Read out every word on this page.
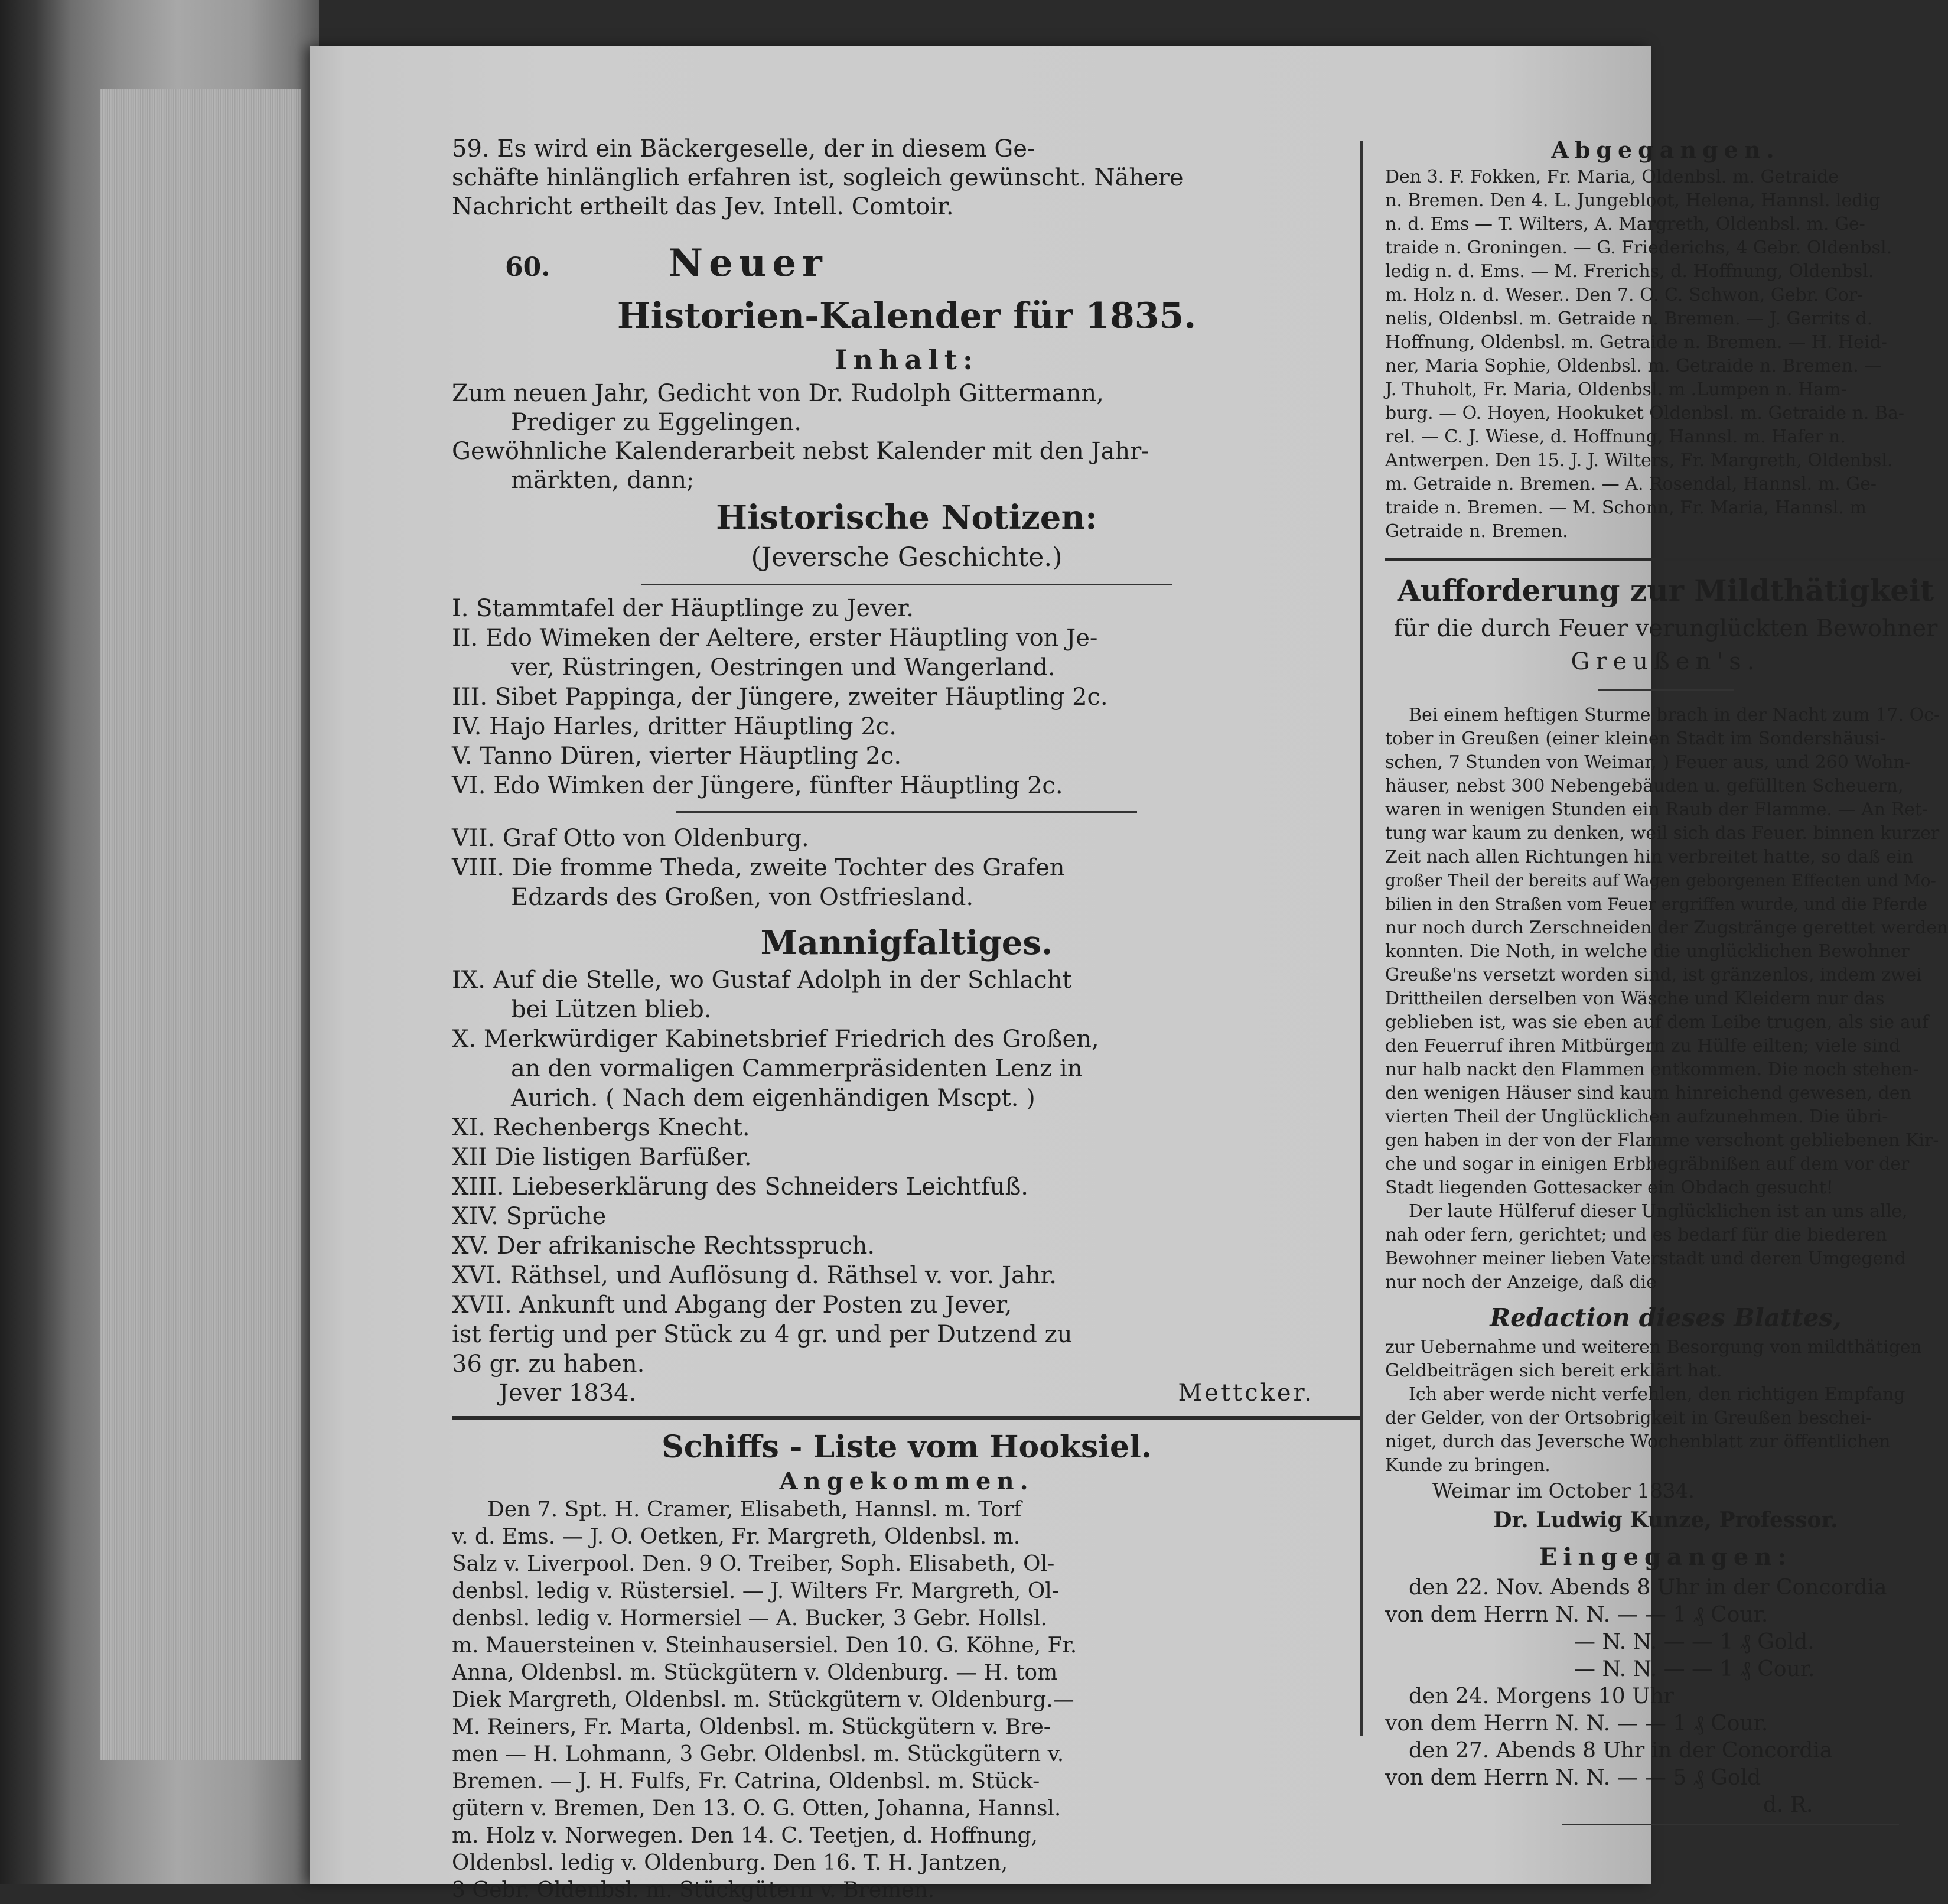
59. Es wird ein Bäckergeselle, der in diesem Ge-
schäfte hinlänglich erfahren ist, sogleich gewünscht. Nähere
Nachricht ertheilt das Jev. Intell. Comtoir.
60.	Neuer
Historien-Kalender für 1835.
Inhalt:
Zum neuen Jahr, Gedicht von Dr. Rudolph Gittermann,
Prediger zu Eggelingen.
Gewöhnliche Kalenderarbeit nebst Kalender mit den Jahr-
märkten, dann;
Historische Notizen:
(Jeversche Geschichte.)
I. Stammtafel der Häuptlinge zu Jever.
II. Edo Wimeken der Aeltere, erster Häuptling von Je-
ver, Rüstringen, Oestringen und Wangerland.
III. Sibet Pappinga, der Jüngere, zweiter Häuptling 2c.
IV. Hajo Harles, dritter Häuptling 2c.
V. Tanno Düren, vierter Häuptling 2c.
VI. Edo Wimken der Jüngere, fünfter Häuptling 2c.
VII. Graf Otto von Oldenburg.
VIII. Die fromme Theda, zweite Tochter des Grafen
Edzards des Großen, von Ostfriesland.
Mannigfaltiges.
IX. Auf die Stelle, wo Gustaf Adolph in der Schlacht
bei Lützen blieb.
X. Merkwürdiger Kabinetsbrief Friedrich des Großen,
an den vormaligen Cammerpräsidenten Lenz in
Aurich. ( Nach dem eigenhändigen Mscpt. )
XI. Rechenbergs Knecht.
XII Die listigen Barfüßer.
XIII. Liebeserklärung des Schneiders Leichtfuß.
XIV. Sprüche
XV. Der afrikanische Rechtsspruch.
XVI. Räthsel, und Auflösung d. Räthsel v. vor. Jahr.
XVII. Ankunft und Abgang der Posten zu Jever,
ist fertig und per Stück zu 4 gr. und per Dutzend zu
36 gr. zu haben.
Jever 1834.	Mettcker.
Schiffs - Liste vom Hooksiel.
Angekommen.
Den 7. Spt. H. Cramer, Elisabeth, Hannsl. m. Torf
v. d. Ems. — J. O. Oetken, Fr. Margreth, Oldenbsl. m.
Salz v. Liverpool. Den. 9 O. Treiber, Soph. Elisabeth, Ol-
denbsl. ledig v. Rüstersiel. — J. Wilters Fr. Margreth, Ol-
denbsl. ledig v. Hormersiel — A. Bucker, 3 Gebr. Hollsl.
m. Mauersteinen v. Steinhausersiel. Den 10. G. Köhne, Fr.
Anna, Oldenbsl. m. Stückgütern v. Oldenburg. — H. tom
Diek Margreth, Oldenbsl. m. Stückgütern v. Oldenburg.—
M. Reiners, Fr. Marta, Oldenbsl. m. Stückgütern v. Bre-
men — H. Lohmann, 3 Gebr. Oldenbsl. m. Stückgütern v.
Bremen. — J. H. Fulfs, Fr. Catrina, Oldenbsl. m. Stück-
gütern v. Bremen, Den 13. O. G. Otten, Johanna, Hannsl.
m. Holz v. Norwegen. Den 14. C. Teetjen, d. Hoffnung,
Oldenbsl. ledig v. Oldenburg. Den 16. T. H. Jantzen,
3 Gebr. Oldenbsl. m. Stückgütern v. Bremen.
Abgegangen.
Den 3. F. Fokken, Fr. Maria, Oldenbsl. m. Getraide
n. Bremen. Den 4. L. Jungebloot, Helena, Hannsl. ledig
n. d. Ems — T. Wilters, A. Margreth, Oldenbsl. m. Ge-
traide n. Groningen. — G. Friederichs, 4 Gebr. Oldenbsl.
ledig n. d. Ems. — M. Frerichs, d. Hoffnung, Oldenbsl.
m. Holz n. d. Weser.. Den 7. O. C. Schwon, Gebr. Cor-
nelis, Oldenbsl. m. Getraide n. Bremen. — J. Gerrits d.
Hoffnung, Oldenbsl. m. Getraide n. Bremen. — H. Heid-
ner, Maria Sophie, Oldenbsl. m. Getraide n. Bremen. —
J. Thuholt, Fr. Maria, Oldenbsl. m .Lumpen n. Ham-
burg. — O. Hoyen, Hookuket Oldenbsl. m. Getraide n. Ba-
rel. — C. J. Wiese, d. Hoffnung, Hannsl. m. Hafer n.
Antwerpen. Den 15. J. J. Wilters, Fr. Margreth, Oldenbsl.
m. Getraide n. Bremen. — A. Rosendal, Hannsl. m. Ge-
traide n. Bremen. — M. Schonn, Fr. Maria, Hannsl. m
Getraide n. Bremen.
Aufforderung zur Mildthätigkeit
für die durch Feuer verunglückten Bewohner
Greußen's.
Bei einem heftigen Sturme brach in der Nacht zum 17. Oc-
tober in Greußen (einer kleinen Stadt im Sondershäusi-
schen, 7 Stunden von Weimar, ) Feuer aus, und 260 Wohn-
häuser, nebst 300 Nebengebäuden u. gefüllten Scheuern,
waren in wenigen Stunden ein Raub der Flamme. — An Ret-
tung war kaum zu denken, weil sich das Feuer. binnen kurzer
Zeit nach allen Richtungen hin verbreitet hatte, so daß ein
großer Theil der bereits auf Wagen geborgenen Effecten und Mo-
bilien in den Straßen vom Feuer ergriffen wurde, und die Pferde
nur noch durch Zerschneiden der Zugstränge gerettet werden
konnten. Die Noth, in welche die unglücklichen Bewohner
Greuße'ns versetzt worden sind, ist gränzenlos, indem zwei
Drittheilen derselben von Wäsche und Kleidern nur das
geblieben ist, was sie eben auf dem Leibe trugen, als sie auf
den Feuerruf ihren Mitbürgern zu Hülfe eilten; viele sind
nur halb nackt den Flammen entkommen. Die noch stehen-
den wenigen Häuser sind kaum hinreichend gewesen, den
vierten Theil der Unglücklichen aufzunehmen. Die übri-
gen haben in der von der Flamme verschont gebliebenen Kir-
che und sogar in einigen Erbbegräbnißen auf dem vor der
Stadt liegenden Gottesacker ein Obdach gesucht!
Der laute Hülferuf dieser Unglücklichen ist an uns alle,
nah oder fern, gerichtet; und es bedarf für die biederen
Bewohner meiner lieben Vaterstadt und deren Umgegend
nur noch der Anzeige, daß die
Redaction dieses Blattes,
zur Uebernahme und weiteren Besorgung von mildthätigen
Geldbeiträgen sich bereit erklärt hat.
Ich aber werde nicht verfehlen, den richtigen Empfang
der Gelder, von der Ortsobrigkeit in Greußen beschei-
niget, durch das Jeversche Wochenblatt zur öffentlichen
Kunde zu bringen.
Weimar im October 1834.
Dr. Ludwig Kunze, Professor.
Eingegangen:
den 22. Nov. Abends 8 Uhr in der Concordia
von dem Herrn N. N. — — 1 ₰ Cour.
— N. N. — — 1 ₰ Gold.
— N. N. — — 1 ₰ Cour.
den 24. Morgens 10 Uhr
von dem Herrn N. N. — — 1 ₰ Cour.
den 27. Abends 8 Uhr in der Concordia
von dem Herrn N. N. — — 5 ₰ Gold
d. R.
